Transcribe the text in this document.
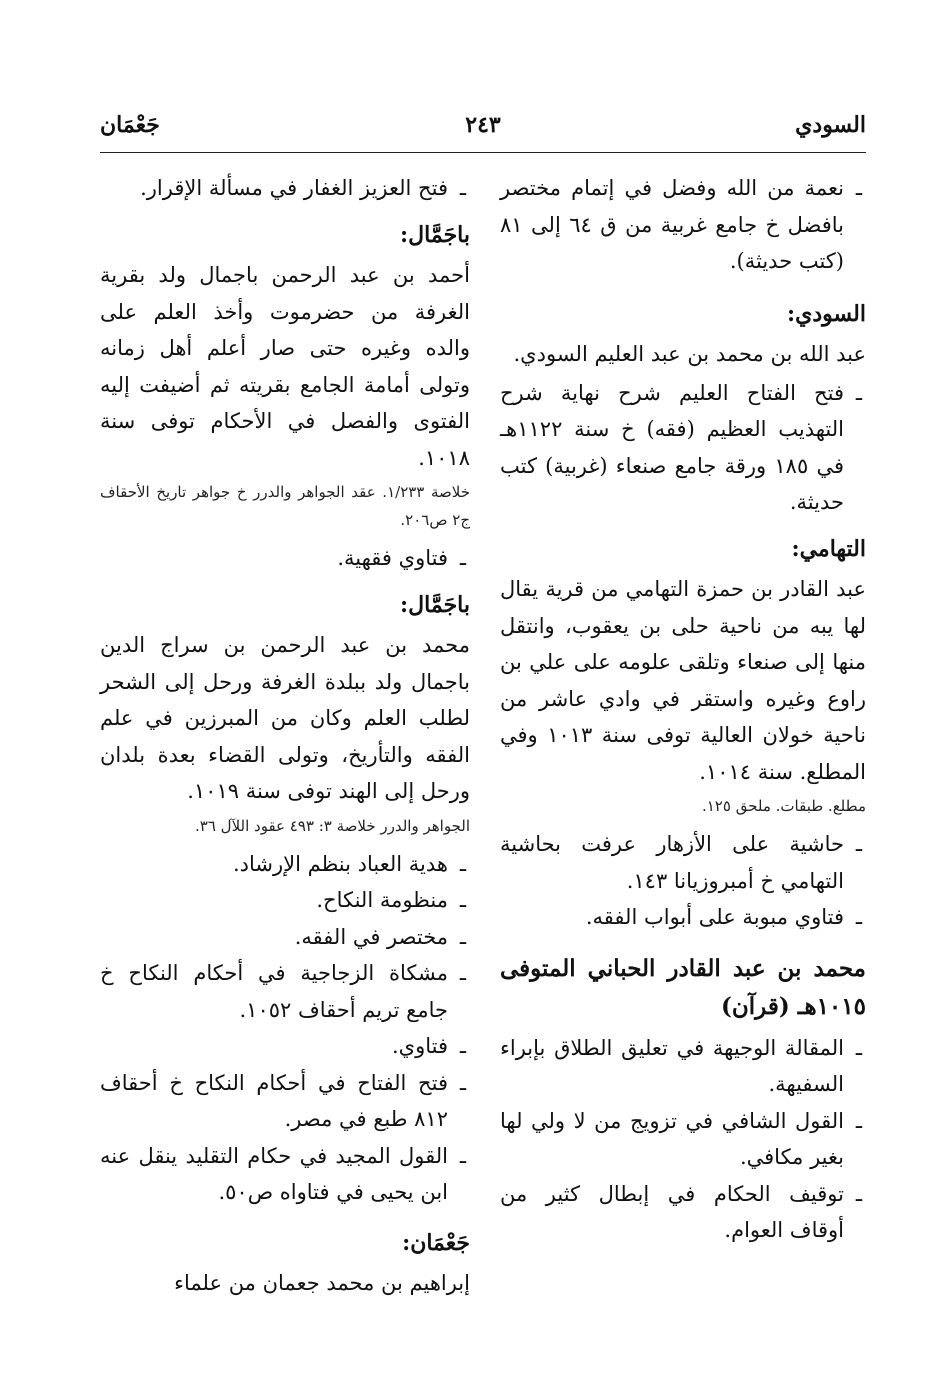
السودي
٢٤٣
جَعْمَان
ـ
نعمة من الله وفضل في إتمام مختصر بافضل خ جامع غربية من ق ٦٤ إلى ٨١ (كتب حديثة).
السودي:
عبد الله بن محمد بن عبد العليم السودي.
ـ
فتح الفتاح العليم شرح نهاية شرح التهذيب العظيم (فقه) خ سنة ١١٢٢هـ في ١٨٥ ورقة جامع صنعاء (غربية) كتب حديثة.
التهامي:
عبد القادر بن حمزة التهامي من قرية يقال لها يبه من ناحية حلى بن يعقوب، وانتقل منها إلى صنعاء وتلقى علومه على علي بن راوع وغيره واستقر في وادي عاشر من ناحية خولان العالية توفى سنة ١٠١٣ وفي المطلع. سنة ١٠١٤.
مطلع. طبقات. ملحق ١٢٥.
ـ
حاشية على الأزهار عرفت بحاشية التهامي خ أمبروزيانا ١٤٣.
ـ
فتاوي مبوبة على أبواب الفقه.
محمد بن عبد القادر الحباني المتوفى ١٠١٥هـ (قرآن)
ـ
المقالة الوجيهة في تعليق الطلاق بإبراء السفيهة.
ـ
القول الشافي في تزويج من لا ولي لها بغير مكافي.
ـ
توقيف الحكام في إبطال كثير من أوقاف العوام.
ـ
فتح العزيز الغفار في مسألة الإقرار.
باجَمَّال:
أحمد بن عبد الرحمن باجمال ولد بقرية الغرفة من حضرموت وأخذ العلم على والده وغيره حتى صار أعلم أهل زمانه وتولى أمامة الجامع بقريته ثم أضيفت إليه الفتوى والفصل في الأحكام توفى سنة ١٠١٨.
خلاصة ١/٢٣٣. عقد الجواهر والدرر خ جواهر تاريخ الأحقاف ج٢ ص٢٠٦.
ـ
فتاوي فقهية.
باجَمَّال:
محمد بن عبد الرحمن بن سراج الدين باجمال ولد ببلدة الغرفة ورحل إلى الشحر لطلب العلم وكان من المبرزين في علم الفقه والتأريخ، وتولى القضاء بعدة بلدان ورحل إلى الهند توفى سنة ١٠١٩.
الجواهر والدرر خلاصة ٣: ٤٩٣ عقود اللآل ٣٦.
ـ
هدية العباد بنظم الإرشاد.
ـ
منظومة النكاح.
ـ
مختصر في الفقه.
ـ
مشكاة الزجاجية في أحكام النكاح خ جامع تريم أحقاف ١٠٥٢.
ـ
فتاوي.
ـ
فتح الفتاح في أحكام النكاح خ أحقاف ٨١٢ طبع في مصر.
ـ
القول المجيد في حكام التقليد ينقل عنه ابن يحيى في فتاواه ص٥٠.
جَعْمَان:
إبراهيم بن محمد جعمان من علماء
